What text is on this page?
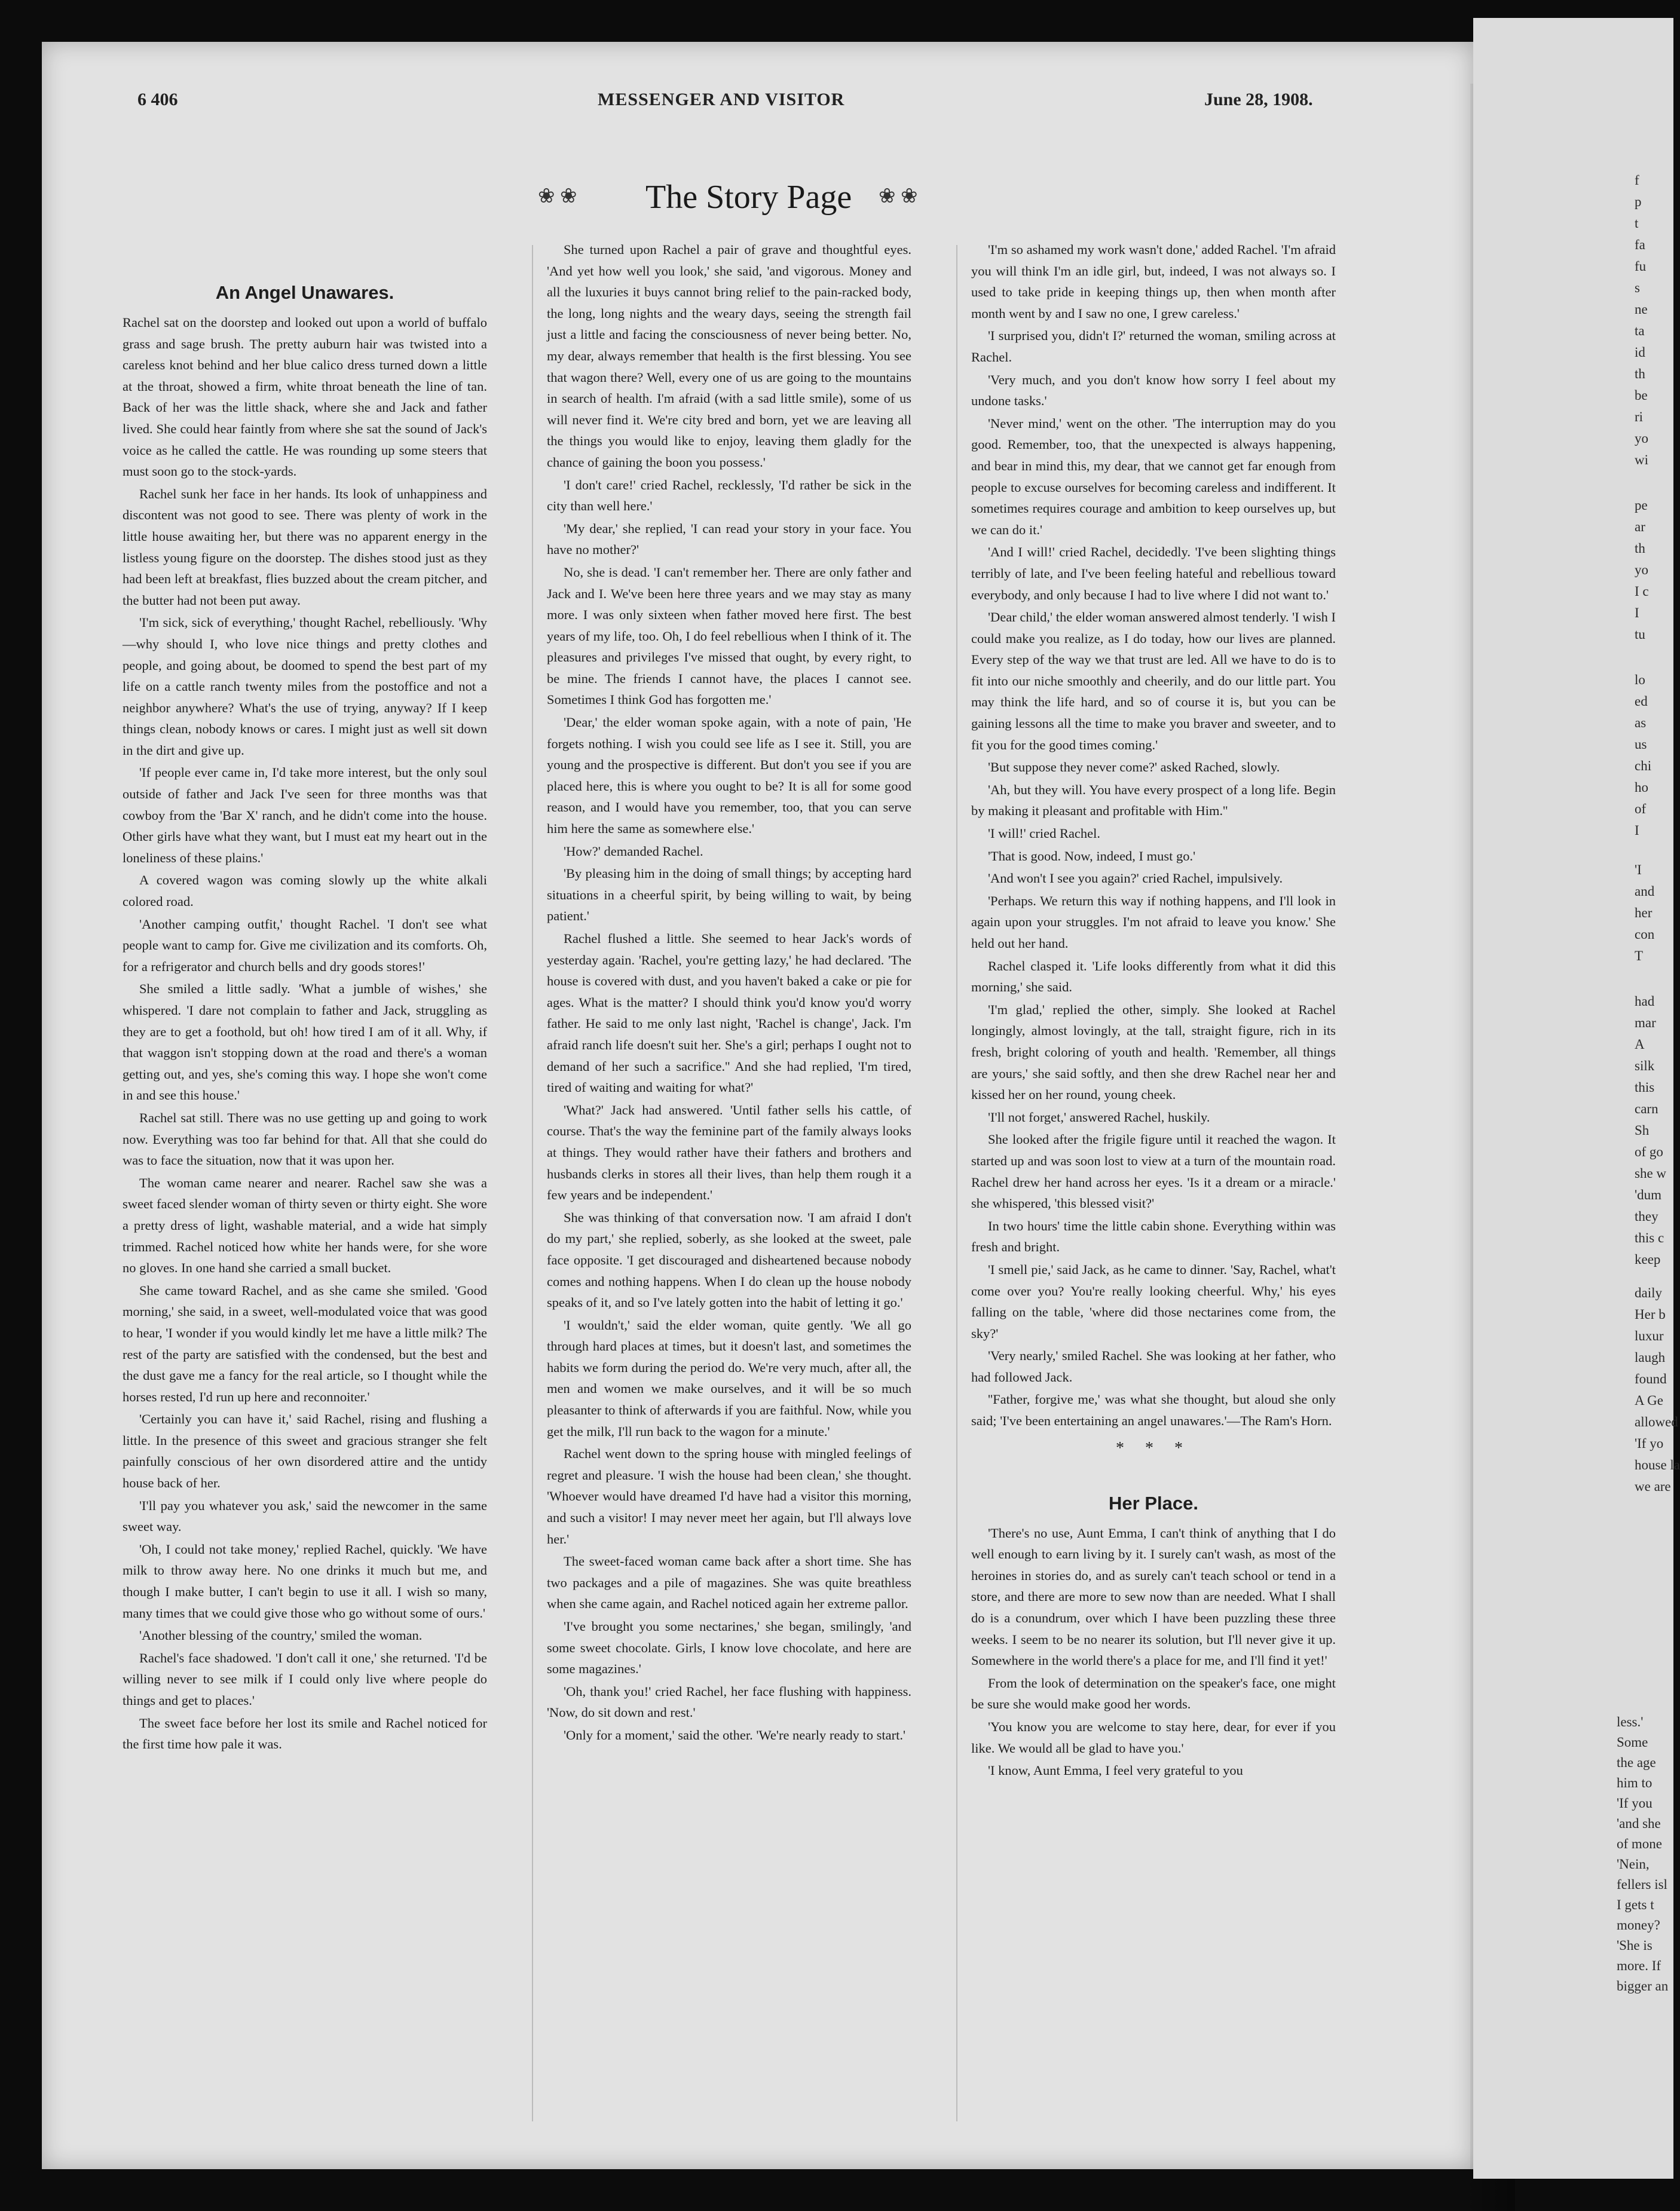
6 406	MESSENGER AND VISITOR	June 28, 1908.
❀ ❀ The Story Page ❀ ❀
An Angel Unawares.

Rachel sat on the doorstep and looked out upon a world of buffalo grass and sage brush. The pretty auburn hair was twisted into a careless knot behind and her blue calico dress turned down a little at the throat, showed a firm, white throat beneath the line of tan. Back of her was the little shack, where she and Jack and father lived. She could hear faintly from where she sat the sound of Jack's voice as he called the cattle. He was rounding up some steers that must soon go to the stock-yards.

Rachel sunk her face in her hands. Its look of unhappiness and discontent was not good to see. There was plenty of work in the little house awaiting her, but there was no apparent energy in the listless young figure on the doorstep. The dishes stood just as they had been left at breakfast, flies buzzed about the cream pitcher, and the butter had not been put away.

'I'm sick, sick of everything,' thought Rachel, rebelliously. 'Why—why should I, who love nice things and pretty clothes and people, and going about, be doomed to spend the best part of my life on a cattle ranch twenty miles from the postoffice and not a neighbor anywhere? What's the use of trying, anyway? If I keep things clean, nobody knows or cares. I might just as well sit down in the dirt and give up.

'If people ever came in, I'd take more interest, but the only soul outside of father and Jack I've seen for three months was that cowboy from the 'Bar X' ranch, and he didn't come into the house. Other girls have what they want, but I must eat my heart out in the loneliness of these plains.'

A covered wagon was coming slowly up the white alkali colored road.

'Another camping outfit,' thought Rachel. 'I don't see what people want to camp for. Give me civilization and its comforts. Oh, for a refrigerator and church bells and dry goods stores!'

She smiled a little sadly. 'What a jumble of wishes,' she whispered. 'I dare not complain to father and Jack, struggling as they are to get a foothold, but oh! how tired I am of it all. Why, if that waggon isn't stopping down at the road and there's a woman getting out, and yes, she's coming this way. I hope she won't come in and see this house.'

Rachel sat still. There was no use getting up and going to work now. Everything was too far behind for that. All that she could do was to face the situation, now that it was upon her.

The woman came nearer and nearer. Rachel saw she was a sweet faced slender woman of thirty seven or thirty eight. She wore a pretty dress of light, washable material, and a wide hat simply trimmed. Rachel noticed how white her hands were, for she wore no gloves. In one hand she carried a small bucket.

She came toward Rachel, and as she came she smiled. 'Good morning,' she said, in a sweet, well-modulated voice that was good to hear, 'I wonder if you would kindly let me have a little milk? The rest of the party are satisfied with the condensed, but the best and the dust gave me a fancy for the real article, so I thought while the horses rested, I'd run up here and reconnoiter.'

'Certainly you can have it,' said Rachel, rising and flushing a little. In the presence of this sweet and gracious stranger she felt painfully conscious of her own disordered attire and the untidy house back of her.

'I'll pay you whatever you ask,' said the newcomer in the same sweet way.

'Oh, I could not take money,' replied Rachel, quickly. 'We have milk to throw away here. No one drinks it much but me, and though I make butter, I can't begin to use it all. I wish so many, many times that we could give those who go without some of ours.'

'Another blessing of the country,' smiled the woman.

Rachel's face shadowed. 'I don't call it one,' she returned. 'I'd be willing never to see milk if I could only live where people do things and get to places.'

The sweet face before her lost its smile and Rachel noticed for the first time how pale it was.

She turned upon Rachel a pair of grave and thoughtful eyes. 'And yet how well you look,' she said, 'and vigorous. Money and all the luxuries it buys cannot bring relief to the pain-racked body, the long, long nights and the weary days, seeing the strength fail just a little and facing the consciousness of never being better. No, my dear, always remember that health is the first blessing. You see that wagon there? Well, every one of us are going to the mountains in search of health. I'm afraid (with a sad little smile), some of us will never find it. We're city bred and born, yet we are leaving all the things you would like to enjoy, leaving them gladly for the chance of gaining the boon you possess.'

'I don't care!' cried Rachel, recklessly, 'I'd rather be sick in the city than well here.'

'My dear,' she replied, 'I can read your story in your face. You have no mother?'

No, she is dead. 'I can't remember her. There are only father and Jack and I. We've been here three years and we may stay as many more. I was only sixteen when father moved here first. The best years of my life, too. Oh, I do feel rebellious when I think of it. The pleasures and privileges I've missed that ought, by every right, to be mine. The friends I cannot have, the places I cannot see. Sometimes I think God has forgotten me.'

'Dear,' the elder woman spoke again, with a note of pain, 'He forgets nothing. I wish you could see life as I see it. Still, you are young and the prospective is different. But don't you see if you are placed here, this is where you ought to be? It is all for some good reason, and I would have you remember, too, that you can serve him here the same as somewhere else.'

'How?' demanded Rachel.

'By pleasing him in the doing of small things; by accepting hard situations in a cheerful spirit, by being willing to wait, by being patient.'

Rachel flushed a little. She seemed to hear Jack's words of yesterday again. 'Rachel, you're getting lazy,' he had declared. 'The house is covered with dust, and you haven't baked a cake or pie for ages. What is the matter? I should think you'd know you'd worry father. He said to me only last night, 'Rachel is change', Jack. I'm afraid ranch life doesn't suit her. She's a girl; perhaps I ought not to demand of her such a sacrifice.'' And she had replied, 'I'm tired, tired of waiting and waiting for what?'

'What?' Jack had answered. 'Until father sells his cattle, of course. That's the way the feminine part of the family always looks at things. They would rather have their fathers and brothers and husbands clerks in stores all their lives, than help them rough it a few years and be independent.'

She was thinking of that conversation now. 'I am afraid I don't do my part,' she replied, soberly, as she looked at the sweet, pale face opposite. 'I get discouraged and disheartened because nobody comes and nothing happens. When I do clean up the house nobody speaks of it, and so I've lately gotten into the habit of letting it go.'

'I wouldn't,' said the elder woman, quite gently. 'We all go through hard places at times, but it doesn't last, and sometimes the habits we form during the period do. We're very much, after all, the men and women we make ourselves, and it will be so much pleasanter to think of afterwards if you are faithful. Now, while you get the milk, I'll run back to the wagon for a minute.'

Rachel went down to the spring house with mingled feelings of regret and pleasure. 'I wish the house had been clean,' she thought. 'Whoever would have dreamed I'd have had a visitor this morning, and such a visitor! I may never meet her again, but I'll always love her.'

The sweet-faced woman came back after a short time. She has two packages and a pile of magazines. She was quite breathless when she came again, and Rachel noticed again her extreme pallor.

'I've brought you some nectarines,' she began, smilingly, 'and some sweet chocolate. Girls, I know love chocolate, and here are some magazines.'

'Oh, thank you!' cried Rachel, her face flushing with happiness. 'Now, do sit down and rest.'

'Only for a moment,' said the other. 'We're nearly ready to start.'

'I'm so ashamed my work wasn't done,' added Rachel. 'I'm afraid you will think I'm an idle girl, but, indeed, I was not always so. I used to take pride in keeping things up, then when month after month went by and I saw no one, I grew careless.'

'I surprised you, didn't I?' returned the woman, smiling across at Rachel.

'Very much, and you don't know how sorry I feel about my undone tasks.'

'Never mind,' went on the other. 'The interruption may do you good. Remember, too, that the unexpected is always happening, and bear in mind this, my dear, that we cannot get far enough from people to excuse ourselves for becoming careless and indifferent. It sometimes requires courage and ambition to keep ourselves up, but we can do it.'

'And I will!' cried Rachel, decidedly. 'I've been slighting things terribly of late, and I've been feeling hateful and rebellious toward everybody, and only because I had to live where I did not want to.'

'Dear child,' the elder woman answered almost tenderly. 'I wish I could make you realize, as I do today, how our lives are planned. Every step of the way we that trust are led. All we have to do is to fit into our niche smoothly and cheerily, and do our little part. You may think the life hard, and so of course it is, but you can be gaining lessons all the time to make you braver and sweeter, and to fit you for the good times coming.'

'But suppose they never come?' asked Rached, slowly.

'Ah, but they will. You have every prospect of a long life. Begin by making it pleasant and profitable with Him.''

'I will!' cried Rachel.

'That is good. Now, indeed, I must go.'

'And won't I see you again?' cried Rachel, impulsively.

'Perhaps. We return this way if nothing happens, and I'll look in again upon your struggles. I'm not afraid to leave you know.' She held out her hand.

Rachel clasped it. 'Life looks differently from what it did this morning,' she said.

'I'm glad,' replied the other, simply. She looked at Rachel longingly, almost lovingly, at the tall, straight figure, rich in its fresh, bright coloring of youth and health. 'Remember, all things are yours,' she said softly, and then she drew Rachel near her and kissed her on her round, young cheek.

'I'll not forget,' answered Rachel, huskily.

She looked after the frigile figure until it reached the wagon. It started up and was soon lost to view at a turn of the mountain road. Rachel drew her hand across her eyes. 'Is it a dream or a miracle.' she whispered, 'this blessed visit?'

In two hours' time the little cabin shone. Everything within was fresh and bright.

'I smell pie,' said Jack, as he came to dinner. 'Say, Rachel, what't come over you? You're really looking cheerful. Why,' his eyes falling on the table, 'where did those nectarines come from, the sky?'

'Very nearly,' smiled Rachel. She was looking at her father, who had followed Jack.

''Father, forgive me,' was what she thought, but aloud she only said; 'I've been entertaining an angel unawares.'—The Ram's Horn.

* * *
Her Place.

'There's no use, Aunt Emma, I can't think of anything that I do well enough to earn living by it. I surely can't wash, as most of the heroines in stories do, and as surely can't teach school or tend in a store, and there are more to sew now than are needed. What I shall do is a conundrum, over which I have been puzzling these three weeks. I seem to be no nearer its solution, but I'll never give it up. Somewhere in the world there's a place for me, and I'll find it yet!'

From the look of determination on the speaker's face, one might be sure she would make good her words.

'You know you are welcome to stay here, dear, for ever if you like. We would all be glad to have you.'

'I know, Aunt Emma, I feel very grateful to you

f
p
t
fa
fu
s
ne
ta
id
th
be
ri
yo
wi
pe
ar
th
yo
I c
I
tu
lo
ed
as
us
chi
ho
of
I
'I
and
her
con
T
had
mar
A
silk
this
carn
Sh
of go
she w
'dum
they
this c
keep
daily
Her b
luxur
laugh
found
A Ge
allowed
'If yo
house la
we are
less.'
Some
the age
him to
'If you
'and she
of mone
'Nein,
fellers isl
I gets t
money?
'She is
more. If
bigger an
